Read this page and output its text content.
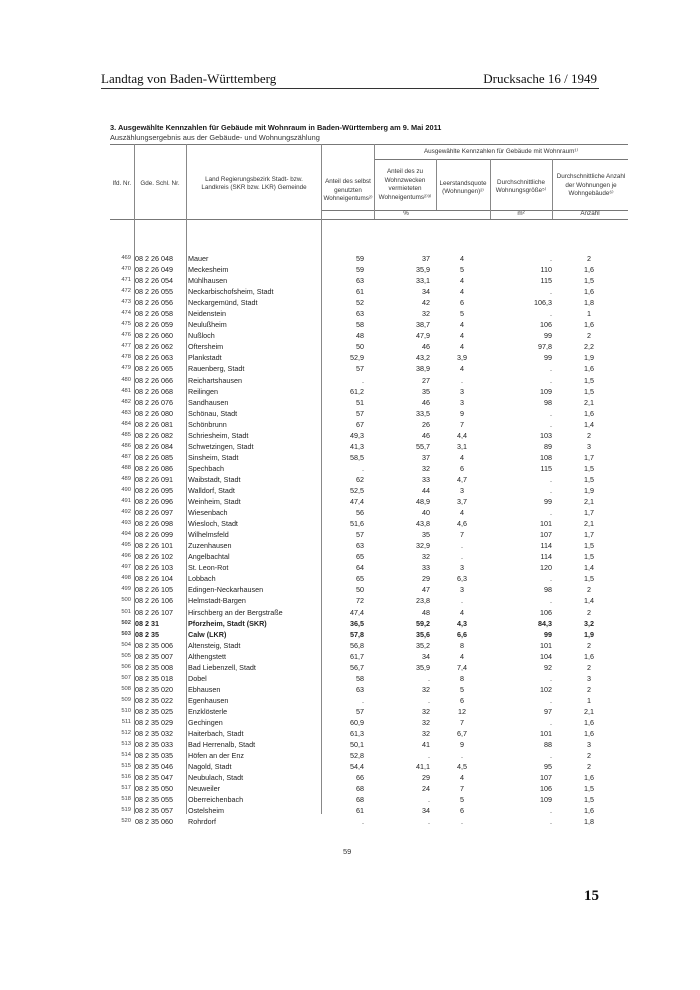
Landtag von Baden-Württemberg	Drucksache 16 / 1949
3. Ausgewählte Kennzahlen für Gebäude mit Wohnraum in Baden-Württemberg am 9. Mai 2011
Auszählungsergebnis aus der Gebäude- und Wohnungszählung
lfd. Nr.	Gde. Schl. Nr.
Land Regierungsbezirk Stadt- bzw. Landkreis (SKR bzw. LKR) Gemeinde
Ausgewählte Kennzahlen für Gebäude mit Wohnraum¹⁾
Anteil des selbst genutzten Wohneigentums²⁾
Anteil des zu Wohnzwecken vermieteten Wohneigentums²⁾³⁾
Leerstandsquote (Wohnungen)²⁾
Durchschnittliche Wohnungsgröße⁵⁾
Durchschnittliche Anzahl der Wohnungen je Wohngebäude⁶⁾
%	m²	Anzahl
469 08 2 26 048 Mauer	59	37	4	.	2
470 08 2 26 049 Meckesheim	59	35,9	5	110	1,6
471 08 2 26 054 Mühlhausen	63	33,1	4	115	1,5
472 08 2 26 055 Neckarbischofsheim, Stadt	61	34	4	.	1,6
473 08 2 26 056 Neckargemünd, Stadt	52	42	6	106,3	1,8
474 08 2 26 058 Neidenstein	63	32	5	.	1
475 08 2 26 059 Neulußheim	58	38,7	4	106	1,6
476 08 2 26 060 Nußloch	48	47,9	4	99	2
477 08 2 26 062 Oftersheim	50	46	4	97,8	2,2
478 08 2 26 063 Plankstadt	52,9	43,2	3,9	99	1,9
479 08 2 26 065 Rauenberg, Stadt	57	38,9	4	.	1,6
480 08 2 26 066 Reichartshausen	.	27	.	.	1,5
481 08 2 26 068 Reilingen	61,2	35	3	109	1,5
482 08 2 26 076 Sandhausen	51	46	3	98	2,1
483 08 2 26 080 Schönau, Stadt	57	33,5	9	.	1,6
484 08 2 26 081 Schönbrunn	67	26	7	.	1,4
485 08 2 26 082 Schriesheim, Stadt	49,3	46	4,4	103	2
486 08 2 26 084 Schwetzingen, Stadt	41,3	55,7	3,1	89	3
487 08 2 26 085 Sinsheim, Stadt	58,5	37	4	108	1,7
488 08 2 26 086 Spechbach	.	32	6	115	1,5
489 08 2 26 091 Waibstadt, Stadt	62	33	4,7	.	1,5
490 08 2 26 095 Walldorf, Stadt	52,5	44	3	.	1,9
491 08 2 26 096 Weinheim, Stadt	47,4	48,9	3,7	99	2,1
492 08 2 26 097 Wiesenbach	56	40	4	.	1,7
493 08 2 26 098 Wiesloch, Stadt	51,6	43,8	4,6	101	2,1
494 08 2 26 099 Wilhelmsfeld	57	35	7	107	1,7
495 08 2 26 101 Zuzenhausen	63	32,9	.	114	1,5
496 08 2 26 102 Angelbachtal	65	32	.	114	1,5
497 08 2 26 103 St. Leon-Rot	64	33	3	120	1,4
498 08 2 26 104 Lobbach	65	29	6,3	.	1,5
499 08 2 26 105 Edingen-Neckarhausen	50	47	3	98	2
500 08 2 26 106 Helmstadt-Bargen	72	23,8	.	.	1,4
501 08 2 26 107 Hirschberg an der Bergstraße	47,4	48	4	106	2
502 08 2 31	Pforzheim, Stadt (SKR)	36,5	59,2	4,3	84,3	3,2
503 08 2 35	Calw (LKR)	57,8	35,6	6,6	99	1,9
504 08 2 35 006 Altensteig, Stadt	56,8	35,2	8	101	2
505 08 2 35 007 Althengstett	61,7	34	4	104	1,6
506 08 2 35 008 Bad Liebenzell, Stadt	56,7	35,9	7,4	92	2
507 08 2 35 018 Dobel	58	.	8	.	3
508 08 2 35 020 Ebhausen	63	32	5	102	2
509 08 2 35 022 Egenhausen	.	.	6	.	1
510 08 2 35 025 Enzklösterle	57	32	12	97	2,1
511 08 2 35 029 Gechingen	60,9	32	7	.	1,6
512 08 2 35 032 Haiterbach, Stadt	61,3	32	6,7	101	1,6
513 08 2 35 033 Bad Herrenalb, Stadt	50,1	41	9	88	3
514 08 2 35 035 Höfen an der Enz	52,8	.	.	.	2
515 08 2 35 046 Nagold, Stadt	54,4	41,1	4,5	95	2
516 08 2 35 047 Neubulach, Stadt	66	29	4	107	1,6
517 08 2 35 050 Neuweiler	68	24	7	106	1,5
518 08 2 35 055 Oberreichenbach	68	.	5	109	1,5
519 08 2 35 057 Ostelsheim	61	34	6	.	1,6
520 08 2 35 060 Rohrdorf	.	.	.	.	1,8
59
15
